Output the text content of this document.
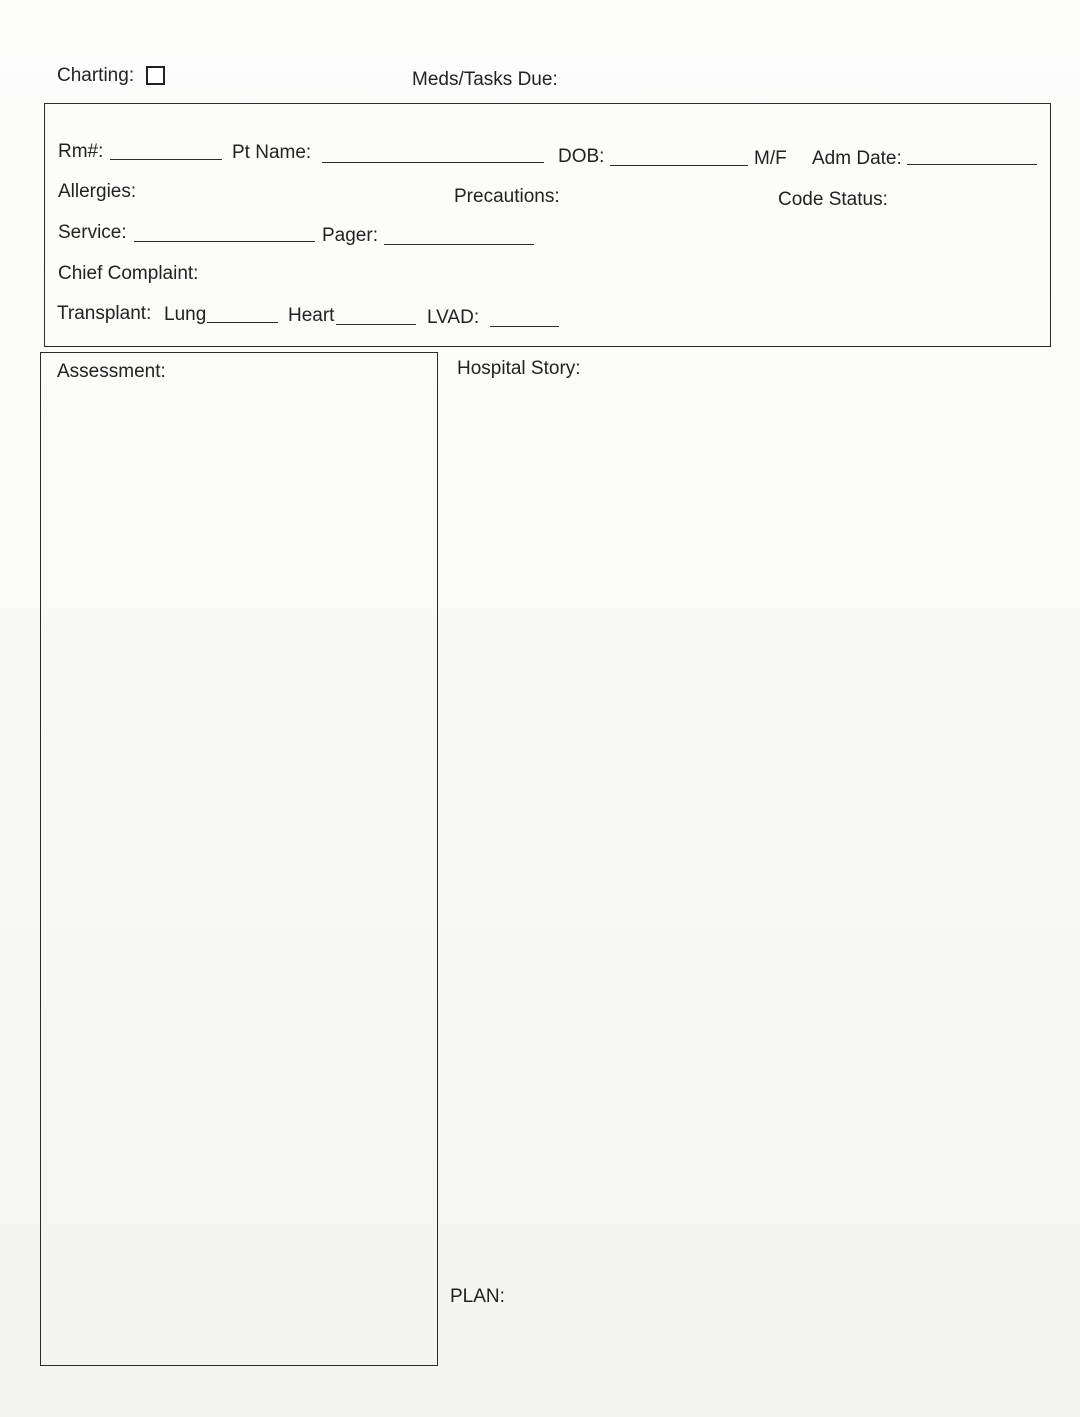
Charting:	Meds/Tasks Due:
Rm#:	Pt Name:	DOB:	M/F Adm Date:
Allergies:	Precautions:	Code Status:
Service:	Pager:
Chief Complaint:
Transplant: Lung	Heart	LVAD:
Assessment:	Hospital Story:
PLAN:
